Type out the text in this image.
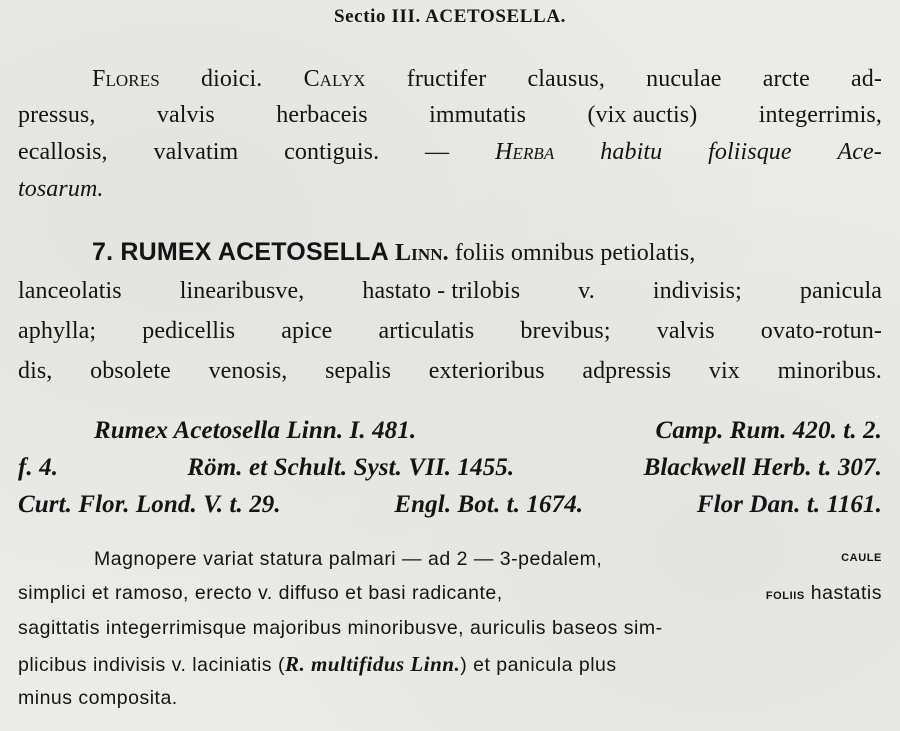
Sectio III. ACETOSELLA.
Flores dioici. Calyx fructifer clausus, nuculae arcte ad-
pressus,	valvis	herbaceis	immutatis	(vix auctis)	integerrimis,
ecallosis, valvatim contiguis. — Herba habitu foliisque Ace-
tosarum.
7. RUMEX ACETOSELLA Linn. foliis omnibus petiolatis,
lanceolatis linearibusve, hastato - trilobis v. indivisis; panicula
aphylla; pedicellis apice articulatis brevibus; valvis ovato-rotun-
dis, obsolete venosis, sepalis exterioribus adpressis vix minoribus.
Rumex Acetosella Linn. I. 481.	Camp. Rum. 420. t. 2.
f. 4.	Röm. et Schult. Syst. VII. 1455.	Blackwell Herb. t. 307.
Curt. Flor. Lond. V. t. 29.	Engl. Bot. t. 1674.	Flor Dan. t. 1161.
Magnopere variat statura palmari — ad 2 — 3-pedalem,	caule
simplici et ramoso, erecto v. diffuso et basi radicante,	foliis hastatis
sagittatis integerrimisque majoribus minoribusve, auriculis baseos sim-
plicibus indivisis v. laciniatis (R. multifidus Linn.) et panicula plus
minus composita.
